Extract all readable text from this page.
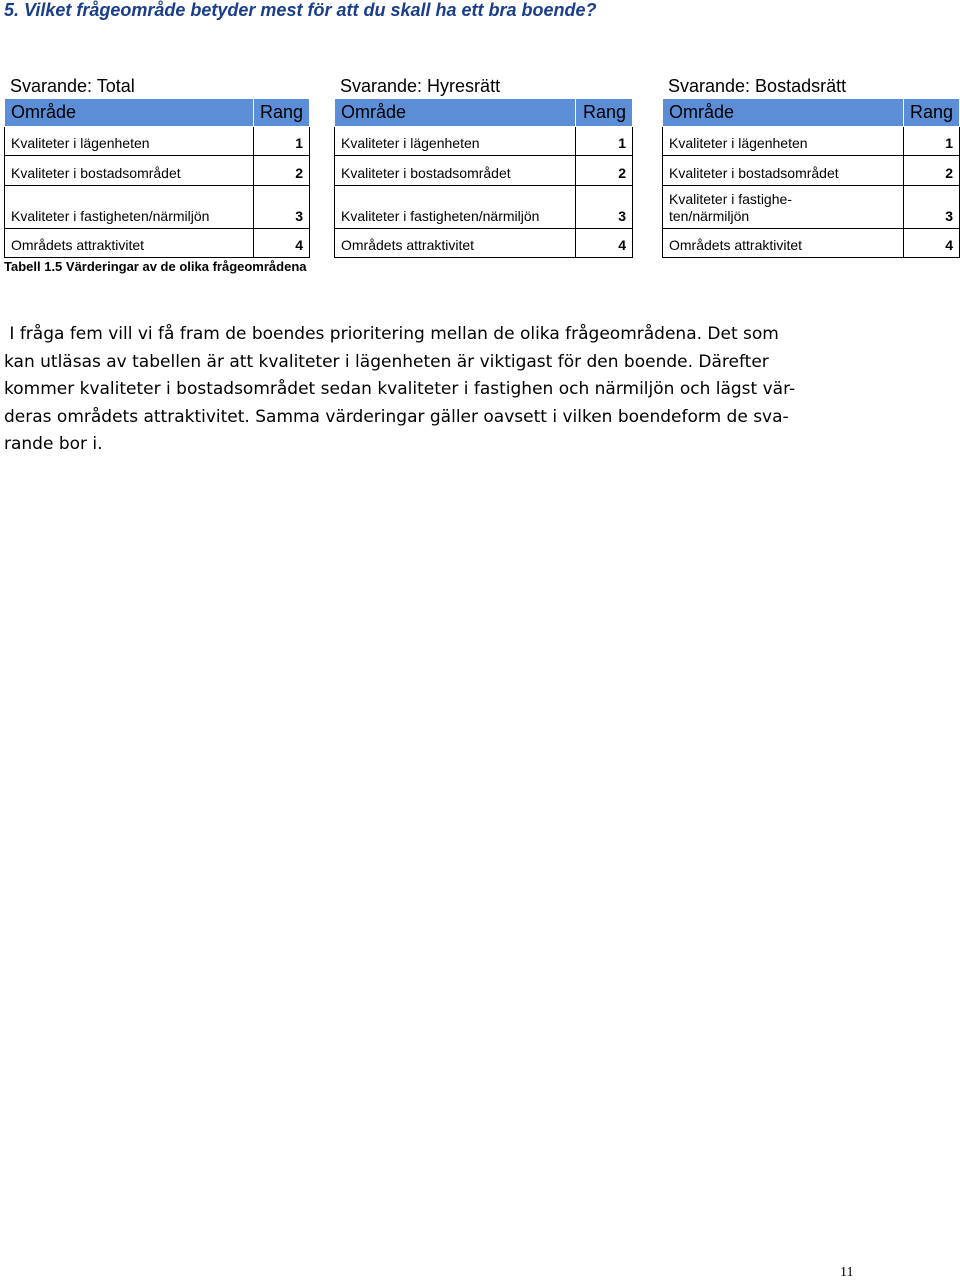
5. Vilket frågeområde betyder mest för att du skall ha ett bra boende?
Svarande: Total
Område	Rang
Kvaliteter i lägenheten	1
Kvaliteter i bostadsområdet	2
Kvaliteter i fastigheten/närmiljön	3
Områdets attraktivitet	4
Svarande: Hyresrätt
Område	Rang
Kvaliteter i lägenheten	1
Kvaliteter i bostadsområdet	2
Kvaliteter i fastigheten/närmiljön	3
Områdets attraktivitet	4
Svarande: Bostadsrätt
Område	Rang
Kvaliteter i lägenheten	1
Kvaliteter i bostadsområdet	2

Kvaliteter i fastighe-
ten/närmiljön	3
Områdets attraktivitet	4
Tabell 1.5 Värderingar av de olika frågeområdena
I fråga fem vill vi få fram de boendes prioritering mellan de olika frågeområdena. Det som
kan utläsas av tabellen är att kvaliteter i lägenheten är viktigast för den boende. Därefter
kommer kvaliteter i bostadsområdet sedan kvaliteter i fastighen och närmiljön och lägst vär-
deras områdets attraktivitet. Samma värderingar gäller oavsett i vilken boendeform de sva-
rande bor i.
11
